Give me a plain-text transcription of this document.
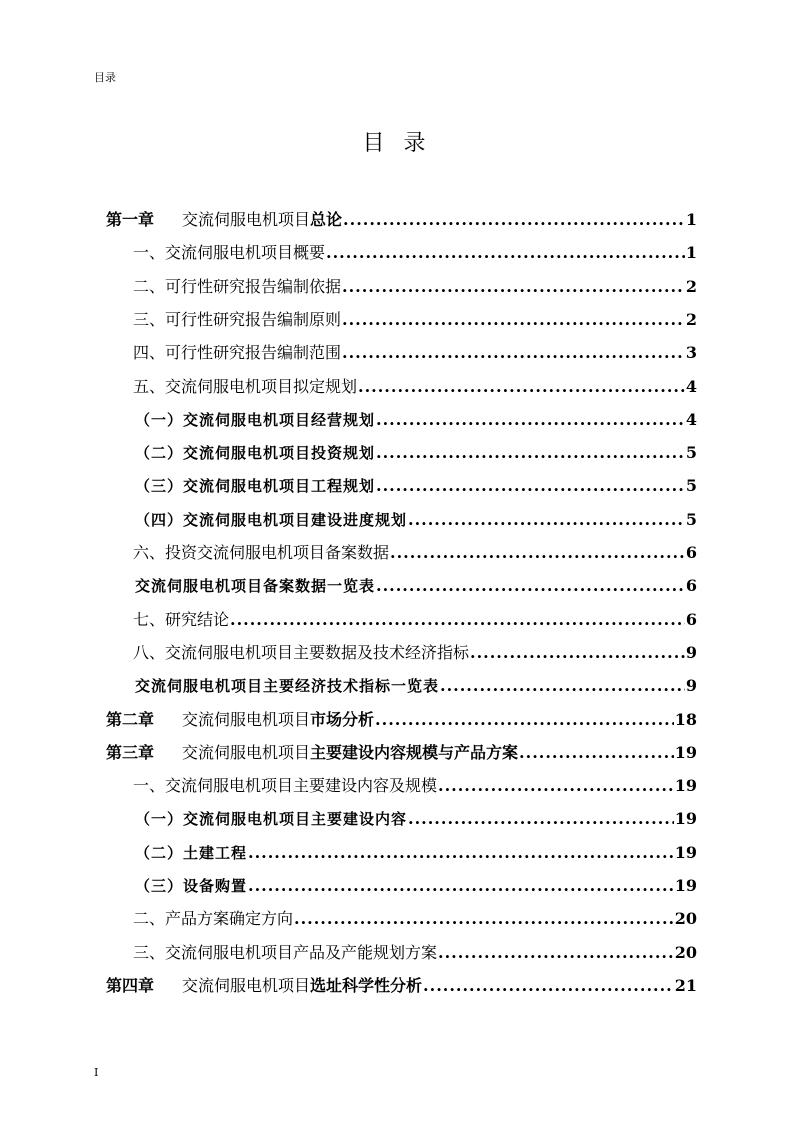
目录
目 录
第一章 交流伺服电机项目总论 .....	1
一、交流伺服电机项目概要 .....	1
二、可行性研究报告编制依据 .....	2
三、可行性研究报告编制原则 .....	2
四、可行性研究报告编制范围 .....	3
五、交流伺服电机项目拟定规划 .....	4
（一）交流伺服电机项目经营规划 .....	4
（二）交流伺服电机项目投资规划 .....	5
（三）交流伺服电机项目工程规划 .....	5
（四）交流伺服电机项目建设进度规划 .....	5
六、投资交流伺服电机项目备案数据 .....	6
交流伺服电机项目备案数据一览表 .....	6
七、研究结论 .....	6
八、交流伺服电机项目主要数据及技术经济指标 .....	9
交流伺服电机项目主要经济技术指标一览表 .....	9
第二章 交流伺服电机项目市场分析 .....	18
第三章 交流伺服电机项目主要建设内容规模与产品方案 .....	19
一、交流伺服电机项目主要建设内容及规模 .....	19
（一）交流伺服电机项目主要建设内容 .....	19
（二）土建工程 .....	19
（三）设备购置 .....	19
二、产品方案确定方向 .....	20
三、交流伺服电机项目产品及产能规划方案 .....	20
第四章 交流伺服电机项目选址科学性分析 .....	21
I
